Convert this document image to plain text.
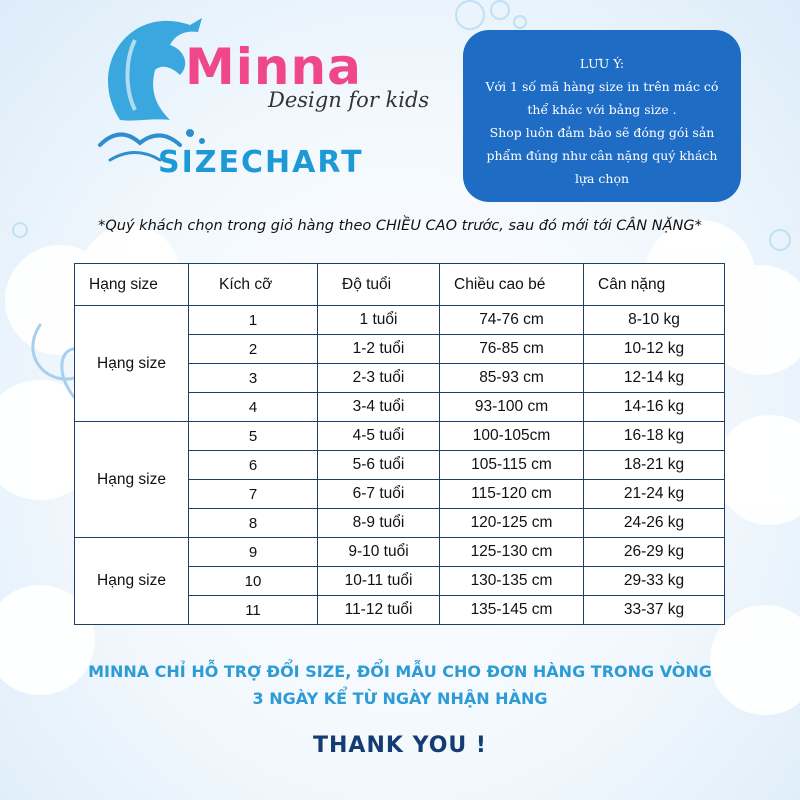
Minna
Design for kids
SIZECHART
LƯU Ý:

Với 1 số mã hàng size in trên mác có thể khác với bảng size .

Shop luôn đảm bảo sẽ đóng gói sản phẩm đúng như cân nặng quý khách lựa chọn

*Quý khách chọn trong giỏ hàng theo CHIỀU CAO trước, sau đó mới tới CÂN NẶNG*
Hạng size	Kích cỡ	Độ tuổi	Chiều cao bé	Cân nặng
Hạng size	1	1 tuổi	74-76 cm	8-10 kg
	2	1-2 tuổi	76-85 cm	10-12 kg
	3	2-3 tuổi	85-93 cm	12-14 kg
	4	3-4 tuổi	93-100 cm	14-16 kg
Hạng size	5	4-5 tuổi	100-105cm	16-18 kg
	6	5-6 tuổi	105-115 cm	18-21 kg
	7	6-7 tuổi	115-120 cm	21-24 kg
	8	8-9 tuổi	120-125 cm	24-26 kg
Hạng size	9	9-10 tuổi	125-130 cm	26-29 kg
	10	10-11 tuổi	130-135 cm	29-33 kg
	11	11-12 tuổi	135-145 cm	33-37 kg
MINNA CHỈ HỖ TRỢ ĐỔI SIZE, ĐỔI MẪU CHO ĐƠN HÀNG TRONG VÒNG
3 NGÀY KỂ TỪ NGÀY NHẬN HÀNG
THANK YOU !
